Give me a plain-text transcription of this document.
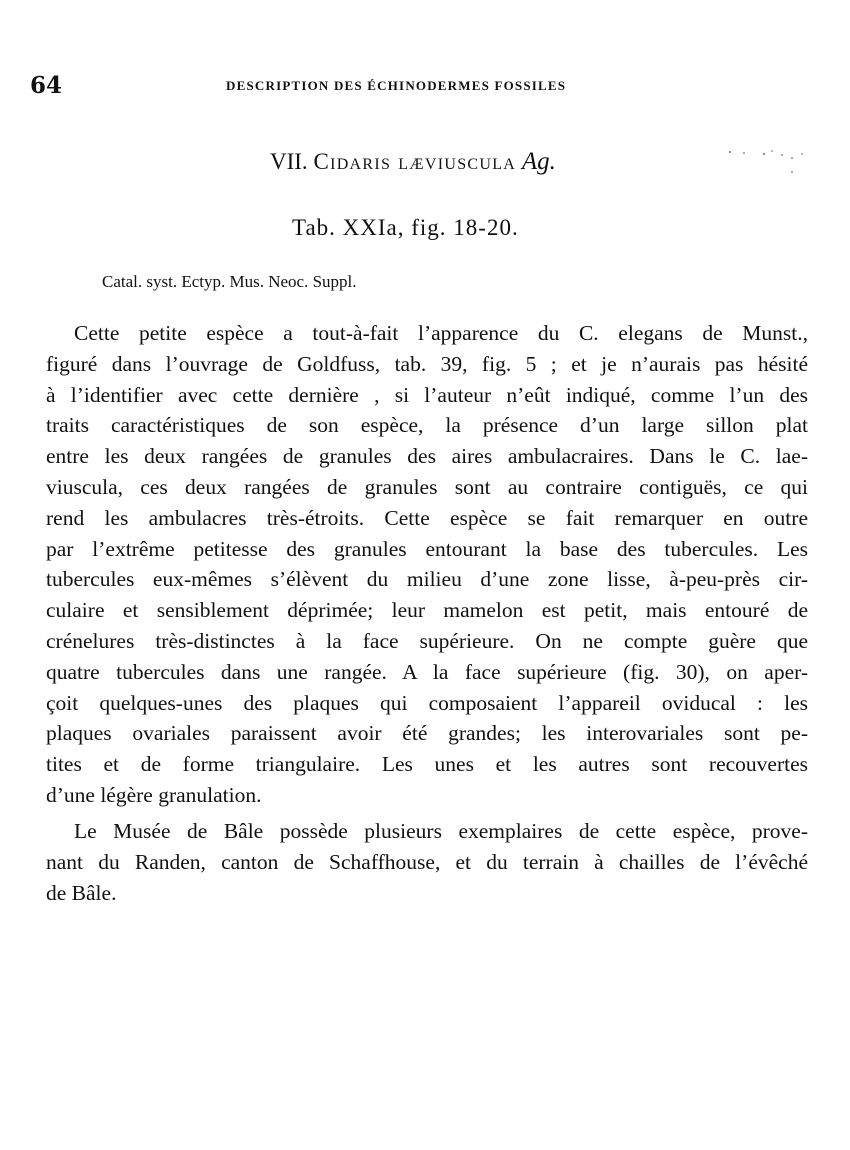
64	DESCRIPTION DES ÉCHINODERMES FOSSILES
VII. Cidaris læviuscula Ag.
Tab. XXIa, fig. 18-20.
Catal. syst. Ectyp. Mus. Neoc. Suppl.
Cette petite espèce a tout-à-fait l’apparence du C. elegans de Munst.,
figuré dans l’ouvrage de Goldfuss, tab. 39, fig. 5 ; et je n’aurais pas hésité
à l’identifier avec cette dernière , si l’auteur n’eût indiqué, comme l’un des
traits caractéristiques de son espèce, la présence d’un large sillon plat
entre les deux rangées de granules des aires ambulacraires. Dans le C. lae-
viuscula, ces deux rangées de granules sont au contraire contiguës, ce qui
rend les ambulacres très-étroits. Cette espèce se fait remarquer en outre
par l’extrême petitesse des granules entourant la base des tubercules. Les
tubercules eux-mêmes s’élèvent du milieu d’une zone lisse, à-peu-près cir-
culaire et sensiblement déprimée; leur mamelon est petit, mais entouré de
crénelures très-distinctes à la face supérieure. On ne compte guère que
quatre tubercules dans une rangée. A la face supérieure (fig. 30), on aper-
çoit quelques-unes des plaques qui composaient l’appareil oviducal : les
plaques ovariales paraissent avoir été grandes; les interovariales sont pe-
tites et de forme triangulaire. Les unes et les autres sont recouvertes
d’une légère granulation.
Le Musée de Bâle possède plusieurs exemplaires de cette espèce, prove-
nant du Randen, canton de Schaffhouse, et du terrain à chailles de l’évêché
de Bâle.
